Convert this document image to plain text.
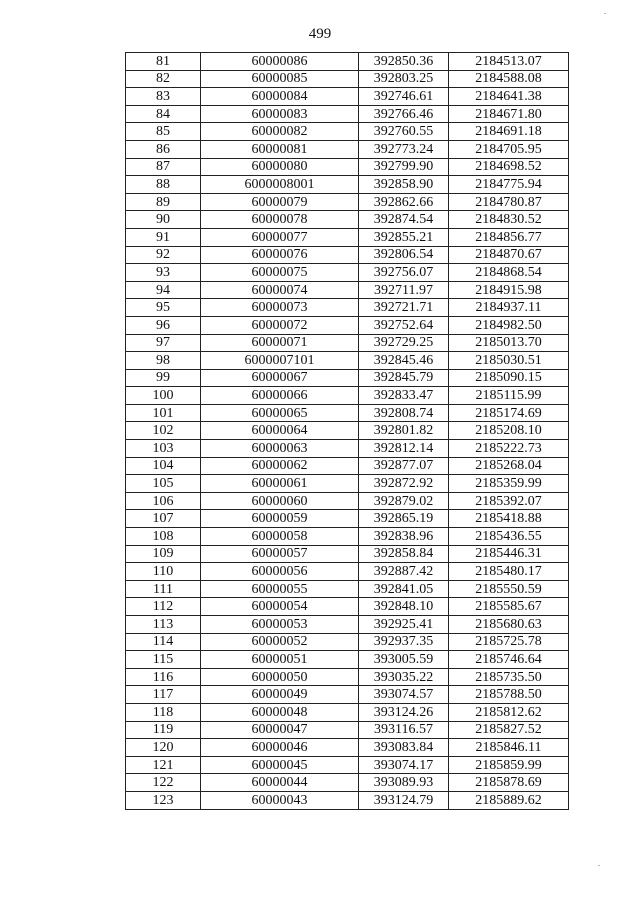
499
81	60000086	392850.36	2184513.07
82	60000085	392803.25	2184588.08
83	60000084	392746.61	2184641.38
84	60000083	392766.46	2184671.80
85	60000082	392760.55	2184691.18
86	60000081	392773.24	2184705.95
87	60000080	392799.90	2184698.52
88	6000008001	392858.90	2184775.94
89	60000079	392862.66	2184780.87
90	60000078	392874.54	2184830.52
91	60000077	392855.21	2184856.77
92	60000076	392806.54	2184870.67
93	60000075	392756.07	2184868.54
94	60000074	392711.97	2184915.98
95	60000073	392721.71	2184937.11
96	60000072	392752.64	2184982.50
97	60000071	392729.25	2185013.70
98	6000007101	392845.46	2185030.51
99	60000067	392845.79	2185090.15
100	60000066	392833.47	2185115.99
101	60000065	392808.74	2185174.69
102	60000064	392801.82	2185208.10
103	60000063	392812.14	2185222.73
104	60000062	392877.07	2185268.04
105	60000061	392872.92	2185359.99
106	60000060	392879.02	2185392.07
107	60000059	392865.19	2185418.88
108	60000058	392838.96	2185436.55
109	60000057	392858.84	2185446.31
110	60000056	392887.42	2185480.17
111	60000055	392841.05	2185550.59
112	60000054	392848.10	2185585.67
113	60000053	392925.41	2185680.63
114	60000052	392937.35	2185725.78
115	60000051	393005.59	2185746.64
116	60000050	393035.22	2185735.50
117	60000049	393074.57	2185788.50
118	60000048	393124.26	2185812.62
119	60000047	393116.57	2185827.52
120	60000046	393083.84	2185846.11
121	60000045	393074.17	2185859.99
122	60000044	393089.93	2185878.69
123	60000043	393124.79	2185889.62
